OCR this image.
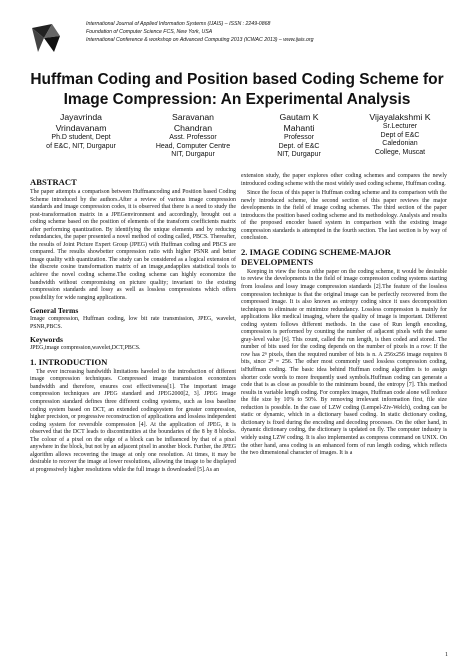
International Journal of Applied Information Systems (IJAIS) – ISSN : 2249-0868
Foundation of Computer Science FCS, New York, USA
International Conference & workshop on Advanced Computing 2013 (ICWAC 2013) – www.ijais.org
Huffman Coding and Position based Coding Scheme for
Image Compression: An Experimental Analysis
Jayavrinda
Vrindavanam
Ph.D student, Dept
of E&C, NIT, Durgapur
Saravanan
Chandran
Asst. Professor
Head, Computer Centre
NIT, Durgapur
Gautam K
Mahanti
Professor
Dept. of E&C
NIT, Durgapur
Vijayalakshmi K
Sr.Lecturer
Dept of E&C
Caledonian
College, Muscat
ABSTRACT

The paper attempts a comparison between Huffmancoding and Position based Coding Scheme introduced by the authors.After a review of various image compression standards and image compression codes, it is observed that there is a need to study the post-transformation matrix in a JPEGenvironment and accordingly, brought out a coding scheme based on the position of elements of the transform coefficients matrix after performing quantization. By identifying the unique elements and by reducing redundancies, the paper presented a novel method of coding called, PBCS. Thereafter, the results of Joint Picture Expert Group (JPEG) with Huffman coding and PBCS are compared. The results showbetter compression ratio with higher PSNR and better image quality with quantization. The study can be considered as a logical extension of the discrete cosine transformation matrix of an image,andapplies statistical tools to achieve the novel coding scheme.The coding scheme can highly economize the bandwidth without compromising on picture quality; invariant to the existing compression standards and lossy as well as lossless compressions which offers possibility for wide ranging applications.

General Terms

Image compression, Huffman coding, low bit rate transmission, JPEG, wavelet, PSNR,PBCS.

Keywords

JPEG,image compression,wavelet,DCT,PBCS.

1. INTRODUCTION

The ever increasing bandwidth limitations haveled to the introduction of different image compression techniques. Compressed image transmission economizes bandwidth and therefore, ensures cost effectiveness[1]. The important image compression techniques are JPEG standard and JPEG2000[2, 3]. JPEG image compression standard defines three different coding systems, such as loss baseline coding system based on DCT, an extended codingsystem for greater compression, higher precision, or progressive reconstruction of applications and lossless independent coding system for reversible compression [4]. At the application of JPEG, it is observed that the DCT leads to discontinuities at the boundaries of the 8 by 8 blocks. The colour of a pixel on the edge of a block can be influenced by that of a pixel anywhere in the block, but not by an adjacent pixel in another block. Further, the JPEG algorithm allows recovering the image at only one resolution. At times, it may be desirable to recover the image at lower resolutions, allowing the image to be displayed at progressively higher resolutions while the full image is downloaded [5].As an

extension study, the paper explores other coding schemes and compares the newly introduced coding scheme with the most widely used coding scheme, Huffman coding.

Since the focus of this paper is Huffman coding scheme and its comparison with the newly introduced scheme, the second section of this paper reviews the major developments in the field of image coding schemes. The third section of the paper introduces the position based coding scheme and its methodology. Analysis and results of the proposed encoder based system in comparison with the existing image compression standards is attempted in the fourth section. The last section is by way of conclusion.

2. IMAGE CODING SCHEME-MAJOR DEVELOPMENTS

Keeping in view the focus ofthe paper on the coding scheme, it would be desirable to review the developments in the field of image compression coding systems starting from lossless and lossy image compression standards [2].The feature of the lossless compression technique is that the original image can be perfectly recovered from the compressed image. It is also known as entropy coding since it uses decomposition techniques to eliminate or minimize redundancy. Lossless compression is mainly for applications like medical imaging, where the quality of image is important. Different coding system follows different methods. In the case of Run length encoding, compression is performed by counting the number of adjacent pixels with the same gray-level value [6]. This count, called the run length, is then coded and stored. The number of bits used for the coding depends on the number of pixels in a row: If the row has 2ⁿ pixels, then the required number of bits is n. A 256x256 image requires 8 bits, since 2⁸ = 256. The other most commonly used lossless compression coding, isHuffman coding. The basic idea behind Huffman coding algorithm is to assign shorter code words to more frequently used symbols.Huffman coding can generate a code that is as close as possible to the minimum bound, the entropy [7]. This method results in variable length coding. For complex images, Huffman code alone will reduce the file size by 10% to 50%. By removing irrelevant information first, file size reduction is possible. In the case of LZW coding (Lempel-Ziv-Welch), coding can be static or dynamic, which in a dictionary based coding. In static dictionary coding, dictionary is fixed during the encoding and decoding processes. On the other hand, in dynamic dictionary coding, the dictionary is updated on fly. The computer industry is widely using LZW coding. It is also implemented as compress command on UNIX. On the other hand, area coding is an enhanced form of run length coding, which reflects the two dimensional character of images. It is a

1
